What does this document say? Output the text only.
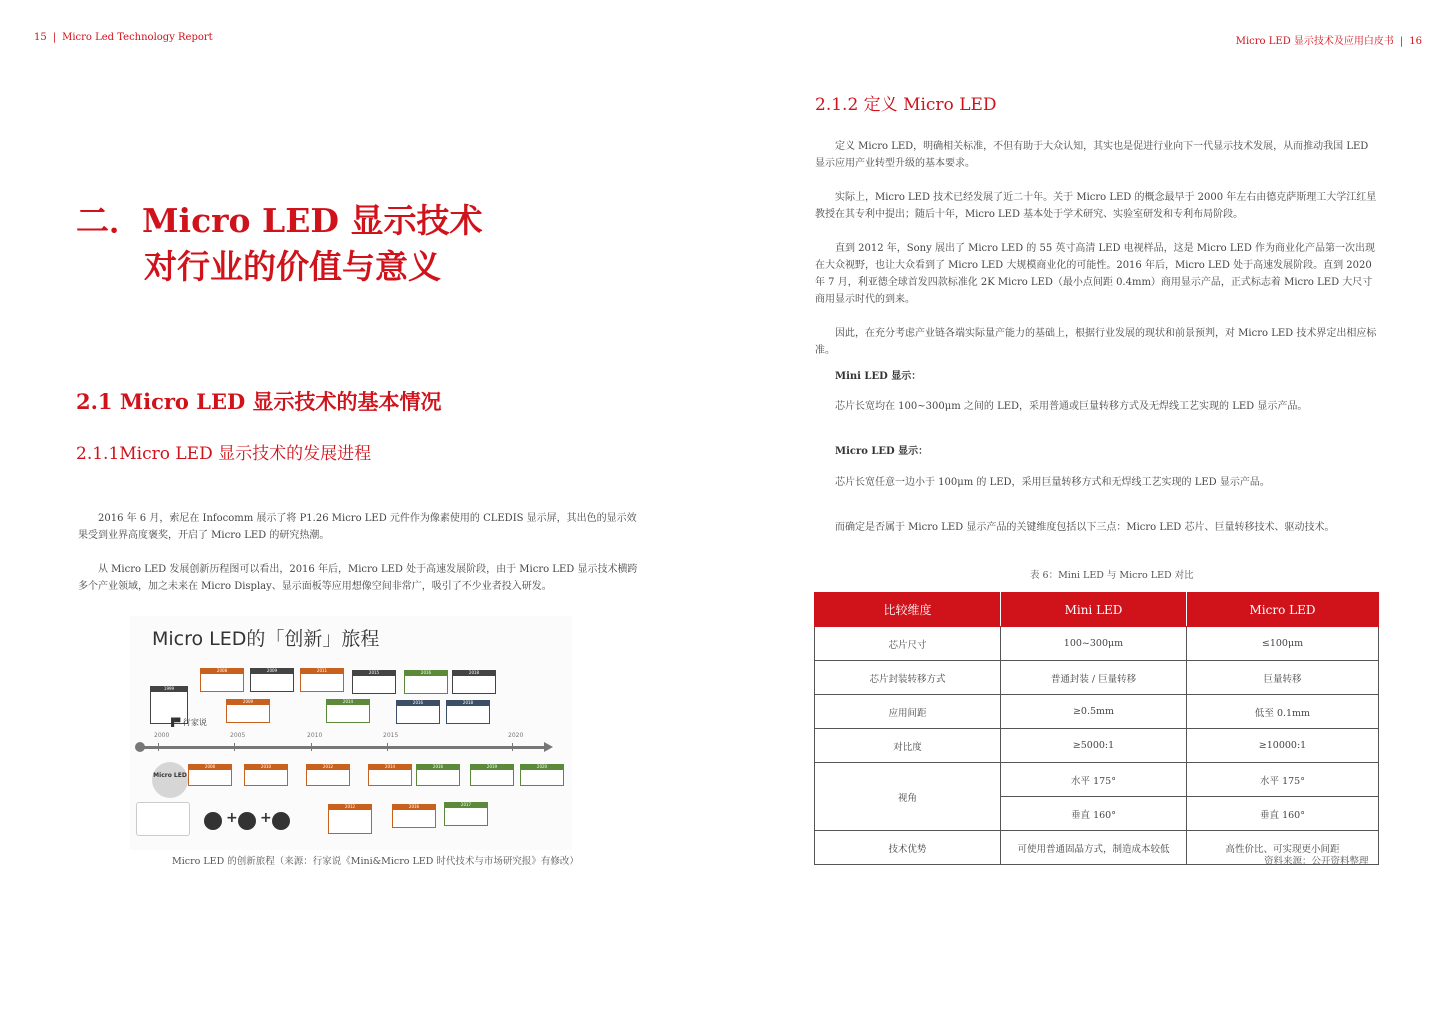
15 | Micro Led Technology Report
二．Micro LED 显示技术
对行业的价值与意义
2.1 Micro LED 显示技术的基本情况
2.1.1Micro LED 显示技术的发展进程

2016 年 6 月，索尼在 Infocomm 展示了将 P1.26 Micro LED 元件作为像素使用的 CLEDIS 显示屏，其出色的显示效果受到业界高度褒奖，开启了 Micro LED 的研究热潮。

从 Micro LED 发展创新历程图可以看出，2016 年后，Micro LED 处于高速发展阶段，由于 Micro LED 显示技术横跨多个产业领域，加之未来在 Micro Display、显示面板等应用想像空间非常广，吸引了不少业者投入研发。

Micro LED的「创新」旅程
1999
2008	2009	2011
2009
2015
2014
2016
2016
2018
2018
▐▀ 行家说
2000	2005	2010	2015	2020
Micro LED
2008	2010	2012	2014	2016	2019	2020
2012	2016	2017
+ +
Micro LED 的创新旅程（来源：行家说《Mini&Micro LED 时代技术与市场研究报》有修改）
Micro LED 显示技术及应用白皮书 | 16
2.1.2 定义 Micro LED

定义 Micro LED，明确相关标准，不但有助于大众认知，其实也是促进行业向下一代显示技术发展，从而推动我国 LED 显示应用产业转型升级的基本要求。

实际上，Micro LED 技术已经发展了近二十年。关于 Micro LED 的概念最早于 2000 年左右由德克萨斯理工大学江红星教授在其专利中提出；随后十年，Micro LED 基本处于学术研究、实验室研发和专利布局阶段。

直到 2012 年，Sony 展出了 Micro LED 的 55 英寸高清 LED 电视样品，这是 Micro LED 作为商业化产品第一次出现在大众视野，也让大众看到了 Micro LED 大规模商业化的可能性。2016 年后，Micro LED 处于高速发展阶段。直到 2020 年 7 月，利亚德全球首发四款标准化 2K Micro LED（最小点间距 0.4mm）商用显示产品，正式标志着 Micro LED 大尺寸商用显示时代的到来。

因此，在充分考虑产业链各端实际量产能力的基础上，根据行业发展的现状和前景预判，对 Micro LED 技术界定出相应标准。

Mini LED 显示：
芯片长宽均在 100~300μm 之间的 LED，采用普通或巨量转移方式及无焊线工艺实现的 LED 显示产品。
Micro LED 显示：
芯片长宽任意一边小于 100μm 的 LED，采用巨量转移方式和无焊线工艺实现的 LED 显示产品。
而确定是否属于 Micro LED 显示产品的关键维度包括以下三点：Micro LED 芯片、巨量转移技术、驱动技术。
表 6：Mini LED 与 Micro LED 对比
比较维度	Mini LED	Micro LED
芯片尺寸	100~300μm	≤100μm
芯片封装转移方式	普通封装 / 巨量转移	巨量转移
应用间距	≥0.5mm	低至 0.1mm
对比度	≥5000:1	≥10000:1
视角	水平 175°	水平 175°
	垂直 160°	垂直 160°
技术优势	可使用普通固晶方式，制造成本较低	高性价比、可实现更小间距
资料来源：公开资料整理
